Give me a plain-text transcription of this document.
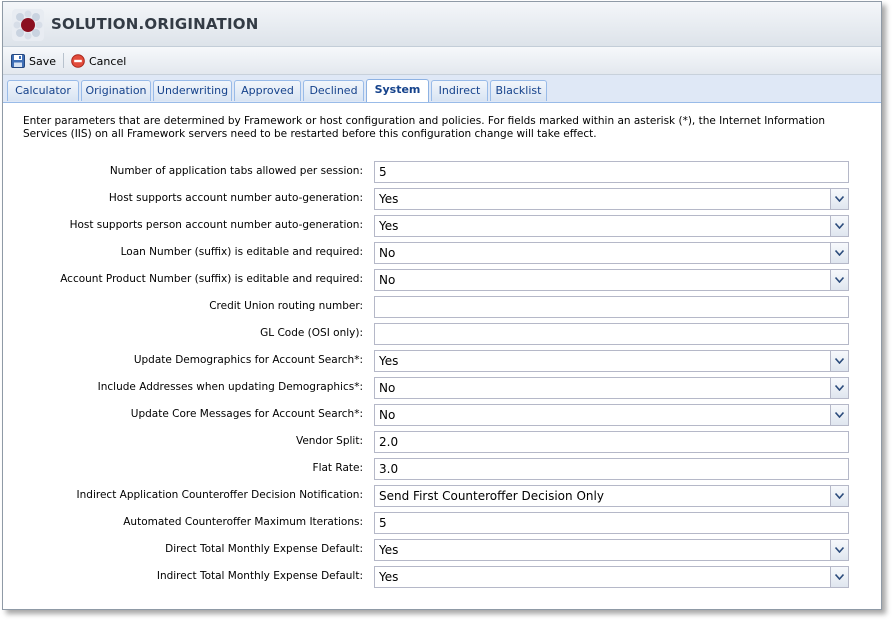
SOLUTION.ORIGINATION
Save	Cancel
Calculator	Origination Underwriting	Approved	Declined	System	Indirect	Blacklist
Enter parameters that are determined by Framework or host configuration and policies. For fields marked within an asterisk (*), the Internet Information Services (IIS) on all Framework servers need to be restarted before this configuration change will take effect.
Number of application tabs allowed per session:
5
Host supports account number auto-generation: Yes
Host supports person account number auto-generation: Yes
Loan Number (suffix) is editable and required: No
Account Product Number (suffix) is editable and required: No
Credit Union routing number:
GL Code (OSI only):
Update Demographics for Account Search*: Yes
Include Addresses when updating Demographics*: No
Update Core Messages for Account Search*: No
Vendor Split:
2.0
Flat Rate:
3.0
Indirect Application Counteroffer Decision Notification: Send First Counteroffer Decision Only
Automated Counteroffer Maximum Iterations:
5
Direct Total Monthly Expense Default: Yes
Indirect Total Monthly Expense Default: Yes
